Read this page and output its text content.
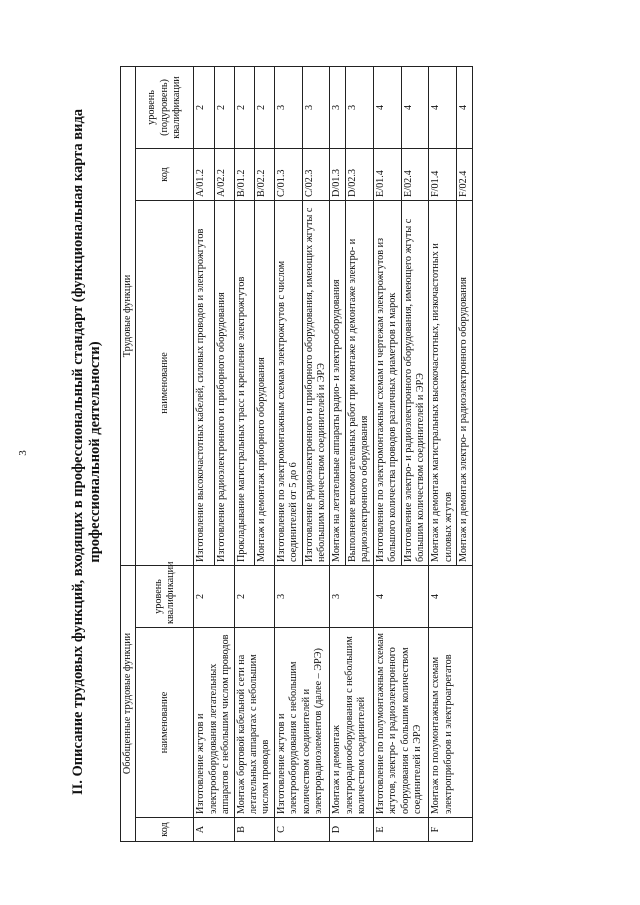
3	II. Описание трудовых функций, входящих в профессиональный стандарт (функциональная карта вида профессиональной деятельности)
Обобщенные трудовые функции			Трудовые функции		
код	наименование	уровень квалификации	наименование	код	уровень (подуровень) квалификации
A	Изготовление жгутов и электрооборудования летательных аппаратов с небольшим числом проводов	2	Изготовление высокочастотных кабелей, силовых проводов и электрожгутов	A/01.2	2
			Изготовление радиоэлектронного и приборного оборудования	A/02.2	2
B	Монтаж бортовой кабельной сети на летательных аппаратах с небольшим числом проводов	2	Прокладывание магистральных трасс и крепление электрожгутов	B/01.2	2
			Монтаж и демонтаж приборного оборудования	B/02.2	2
C	Изготовление жгутов и электрооборудования с небольшим количеством соединителей и электрорадиоэлементов (далее – ЭРЭ)	3	Изготовление по электромонтажным схемам электрожгутов с числом соединителей от 5 до 6	C/01.3	3
			Изготовление радиоэлектронного и приборного оборудования, имеющих жгуты с небольшим количеством соединителей и ЭРЭ	C/02.3	3
D	Монтаж и демонтаж электрорадиооборудования с небольшим количеством соединителей	3	Монтаж на летательные аппараты радио- и электрооборудования	D/01.3	3
			Выполнение вспомогательных работ при монтаже и демонтаже электро- и радиоэлектронного оборудования	D/02.3	3
E	Изготовление по полумонтажным схемам жгутов, электро- и радиоэлектронного оборудования с большим количеством соединителей и ЭРЭ	4	Изготовление по электромонтажным схемам и чертежам электрожгутов из большого количества проводов различных диаметров и марок	E/01.4	4
			Изготовление электро- и радиоэлектронного оборудования, имеющего жгуты с большим количеством соединителей и ЭРЭ	E/02.4	4
F	Монтаж по полумонтажным схемам электроприборов и электроагрегатов	4	Монтаж и демонтаж магистральных высокочастотных, низкочастотных и силовых жгутов	F/01.4	4
			Монтаж и демонтаж электро- и радиоэлектронного оборудования	F/02.4	4
